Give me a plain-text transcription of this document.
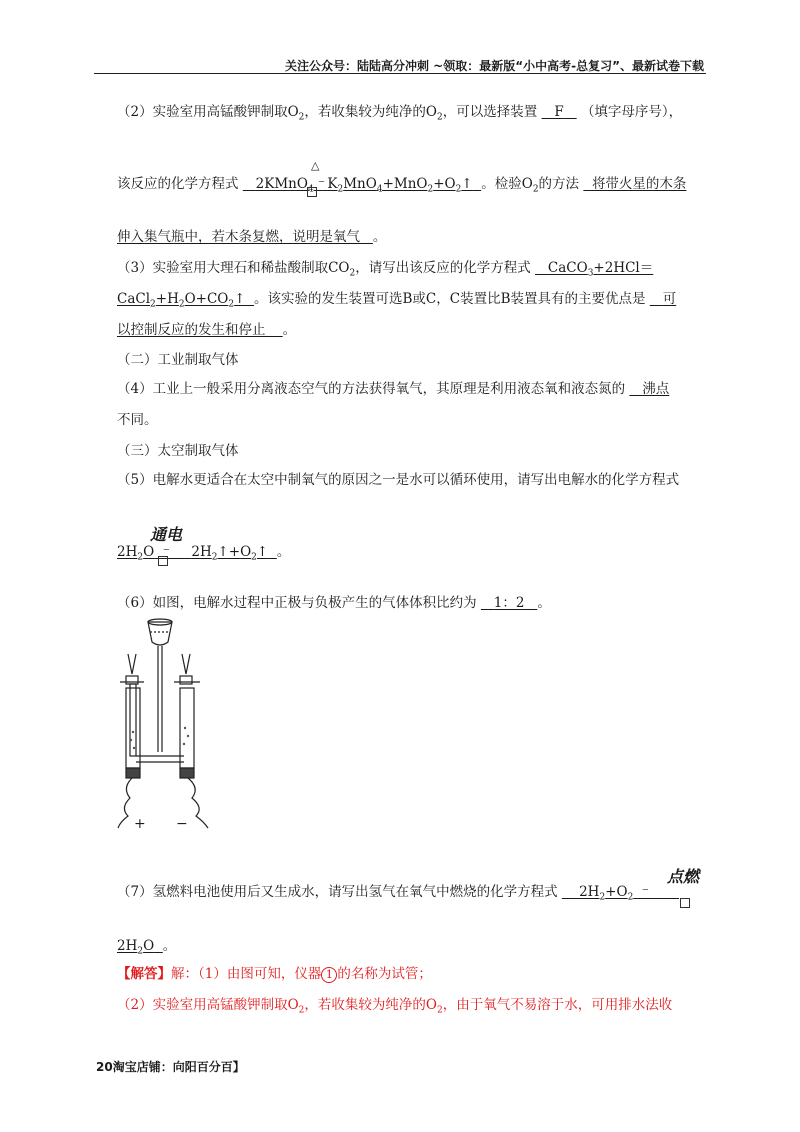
关注公众号：陆陆高分冲刺 ~领取：最新版“小中高考-总复习”、最新试卷下载
（2）实验室用高锰酸钾制取$O_2$，若收集较为纯净的$O_2$，可以选择装置 F （填字母序号），
△
该反应的化学方程式 2KMnO$_4$ ⁻ $K_2MnO_4+MnO_2+O_2↑$ 。检验$O_2$的方法 将带火星的木条
伸入集气瓶中，若木条复燃，说明是氧气 。
（3）实验室用大理石和稀盐酸制取$CO_2$，请写出该反应的化学方程式 CaCO$_3$+2HCl＝
$CaCl_2+H_2O+CO_2↑$ 。该实验的发生装置可选B或C，C装置比B装置具有的主要优点是 可
以控制反应的发生和停止 。
（二）工业制取气体
（4）工业上一般采用分离液态空气的方法获得氧气，其原理是利用液态氧和液态氮的 沸点
不同。
（三）太空制取气体
（5）电解水更适合在太空中制氧气的原因之一是水可以循环使用，请写出电解水的化学方程式
通电
$2H_2O$  ⁻     $2H_2↑+O_2↑$ 。
（6）如图，电解水过程中正极与负极产生的气体体积比约为 1：2 。
+ −
点燃
（7）氢燃料电池使用后又生成水，请写出氢气在氧气中燃烧的化学方程式 $2H_2+O_2$  ⁻
$2H_2O$ 。
【解答】解：（1）由图可知，仪器 1 的名称为试管；
（2）实验室用高锰酸钾制取$O_2$，若收集较为纯净的$O_2$，由于氧气不易溶于水，可用排水法收
20淘宝店铺：向阳百分百】
